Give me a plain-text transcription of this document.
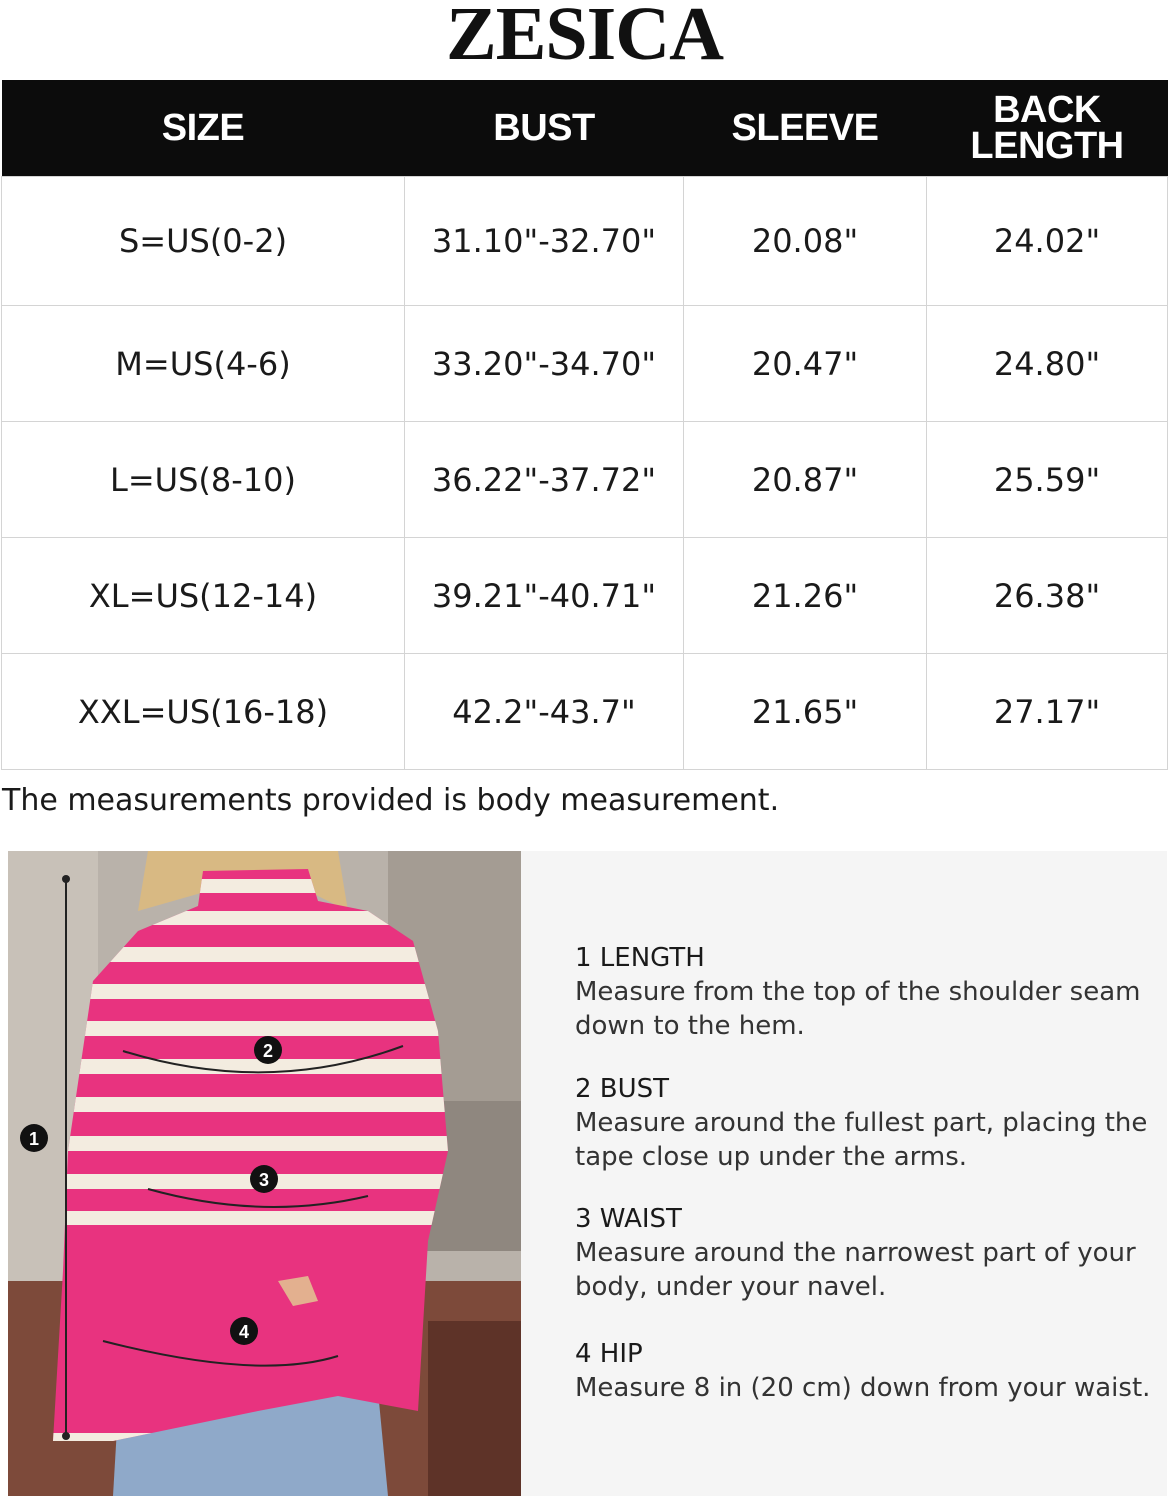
ZESICA
SIZE	BUST	SLEEVE	BACK LENGTH
S=US(0-2)	31.10"-32.70"	20.08"	24.02"
M=US(4-6)	33.20"-34.70"	20.47"	24.80"
L=US(8-10)	36.22"-37.72"	20.87"	25.59"
XL=US(12-14)	39.21"-40.71"	21.26"	26.38"
XXL=US(16-18)	42.2"-43.7"	21.65"	27.17"
The measurements provided is body measurement.
1
2
3
4
1 LENGTH
Measure from the top of the shoulder seam down to the hem.
2 BUST
Measure around the fullest part, placing the tape close up under the arms.
3 WAIST
Measure around the narrowest part of your body, under your navel.
4 HIP
Measure 8 in (20 cm) down from your waist.
